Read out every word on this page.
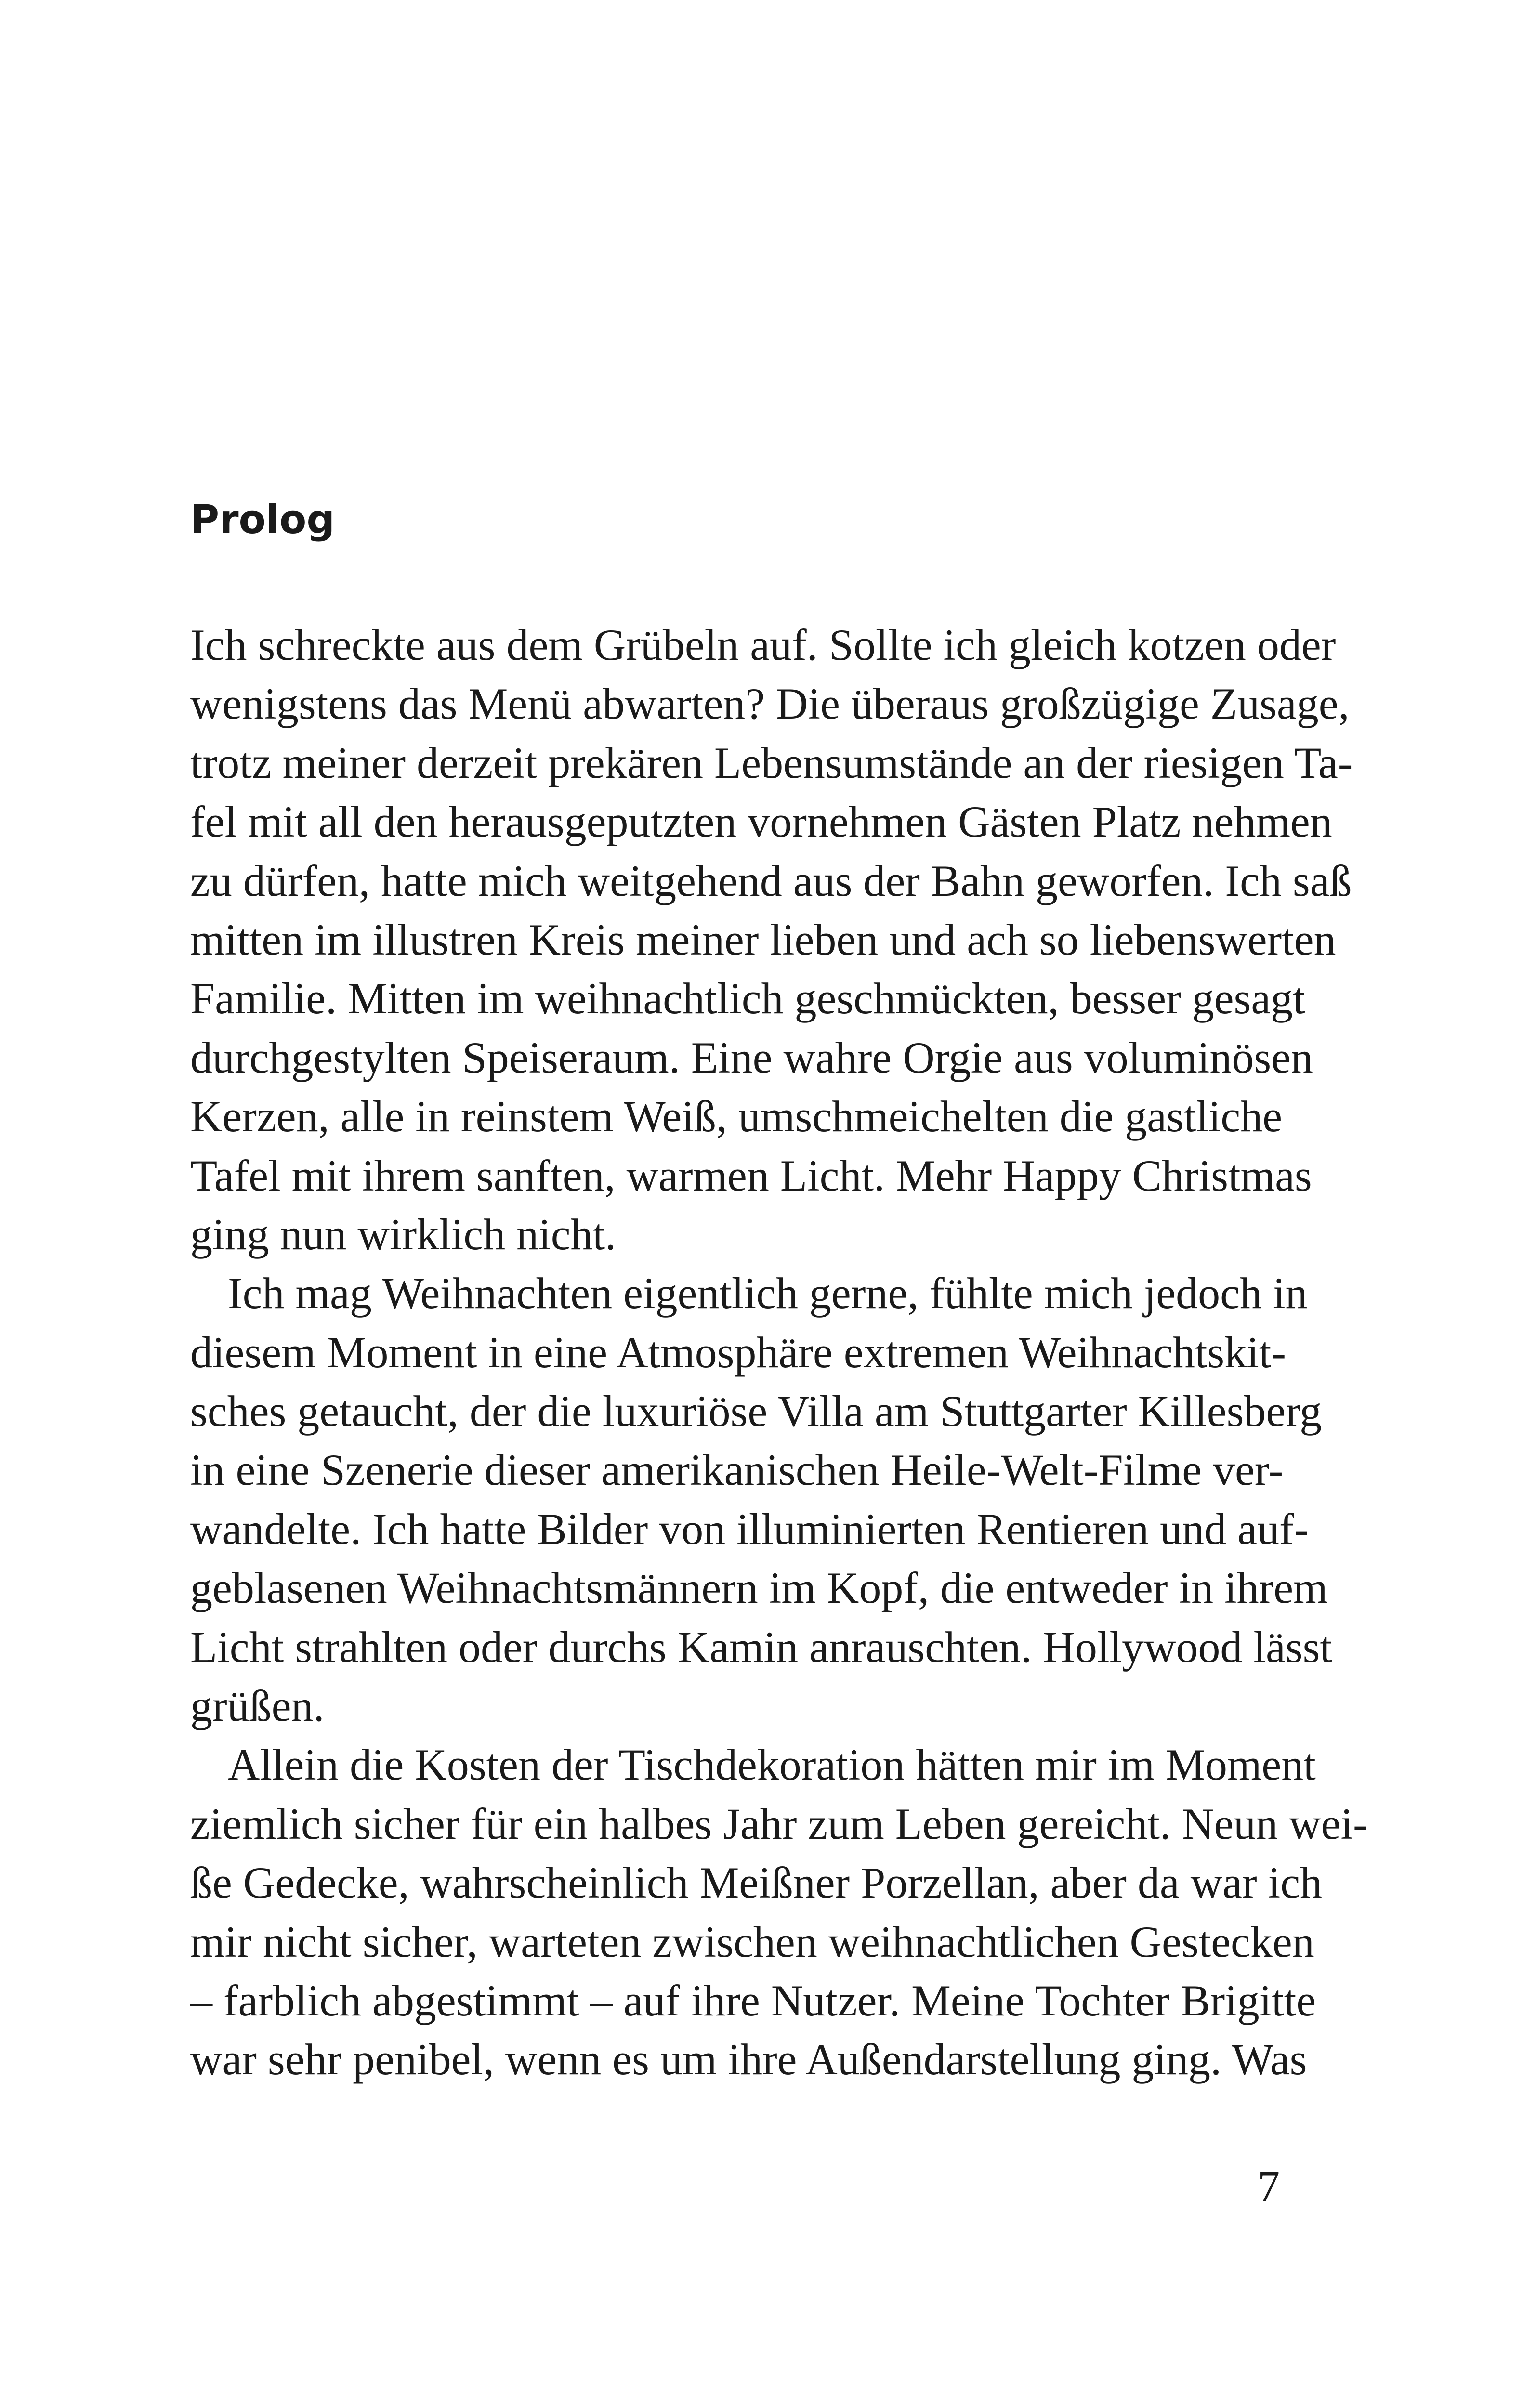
Prolog

Ich schreckte aus dem Grübeln auf. Sollte ich gleich kotzen oder
wenigstens das Menü abwarten? Die überaus großzügige Zusage,
trotz meiner derzeit prekären Lebensumstände an der riesigen Ta-
fel mit all den herausgeputzten vornehmen Gästen Platz nehmen
zu dürfen, hatte mich weitgehend aus der Bahn geworfen. Ich saß
mitten im illustren Kreis meiner lieben und ach so liebenswerten
Familie. Mitten im weihnachtlich geschmückten, besser gesagt
durchgestylten Speiseraum. Eine wahre Orgie aus voluminösen
Kerzen, alle in reinstem Weiß, umschmeichelten die gastliche
Tafel mit ihrem sanften, warmen Licht. Mehr Happy Christmas
ging nun wirklich nicht.

Ich mag Weihnachten eigentlich gerne, fühlte mich jedoch in
diesem Moment in eine Atmosphäre extremen Weihnachtskit-
sches getaucht, der die luxuriöse Villa am Stuttgarter Killesberg
in eine Szenerie dieser amerikanischen Heile-Welt-Filme ver-
wandelte. Ich hatte Bilder von illuminierten Rentieren und auf-
geblasenen Weihnachtsmännern im Kopf, die entweder in ihrem
Licht strahlten oder durchs Kamin anrauschten. Hollywood lässt
grüßen.

Allein die Kosten der Tischdekoration hätten mir im Moment
ziemlich sicher für ein halbes Jahr zum Leben gereicht. Neun wei-
ße Gedecke, wahrscheinlich Meißner Porzellan, aber da war ich
mir nicht sicher, warteten zwischen weihnachtlichen Gestecken
– farblich abgestimmt – auf ihre Nutzer. Meine Tochter Brigitte
war sehr penibel, wenn es um ihre Außendarstellung ging. Was

7
